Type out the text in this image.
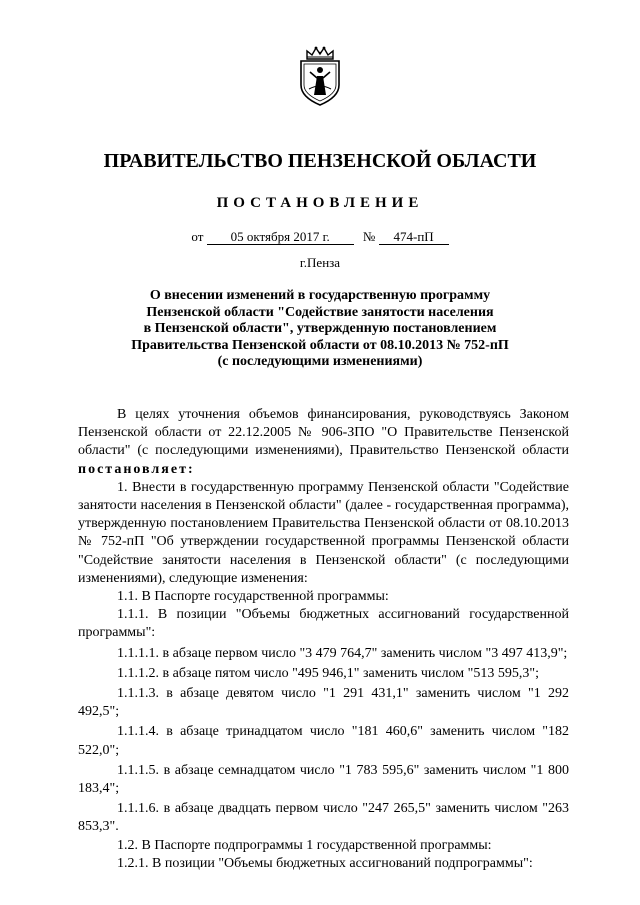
ПРАВИТЕЛЬСТВО ПЕНЗЕНСКОЙ ОБЛАСТИ
ПОСТАНОВЛЕНИЕ
от 05 октября 2017 г.	№ 474-пП
г.Пенза
О внесении изменений в государственную программу
Пензенской области "Содействие занятости населения
в Пензенской области", утвержденную постановлением
Правительства Пензенской области от 08.10.2013 № 752-пП
(с последующими изменениями)

В целях уточнения объемов финансирования, руководствуясь Законом Пензенской области от 22.12.2005 № 906-ЗПО "О Правительстве Пензенской области" (с последующими изменениями), Правительство Пензенской области постановляет:

1. Внести в государственную программу Пензенской области "Содействие занятости населения в Пензенской области" (далее - государственная программа), утвержденную постановлением Правительства Пензенской области от 08.10.2013 № 752-пП "Об утверждении государственной программы Пензенской области "Содействие занятости населения в Пензенской области" (с последующими изменениями), следующие изменения:

1.1. В Паспорте государственной программы:

1.1.1. В позиции "Объемы бюджетных ассигнований государственной программы":

1.1.1.1. в абзаце первом число "3 479 764,7" заменить числом "3 497 413,9";

1.1.1.2. в абзаце пятом число "495 946,1" заменить числом "513 595,3";

1.1.1.3. в абзаце девятом число "1 291 431,1" заменить числом "1 292 492,5";

1.1.1.4. в абзаце тринадцатом число "181 460,6" заменить числом "182 522,0";

1.1.1.5. в абзаце семнадцатом число "1 783 595,6" заменить числом "1 800 183,4";

1.1.1.6. в абзаце двадцать первом число "247 265,5" заменить числом "263 853,3".

1.2. В Паспорте подпрограммы 1 государственной программы:

1.2.1. В позиции "Объемы бюджетных ассигнований подпрограммы":
